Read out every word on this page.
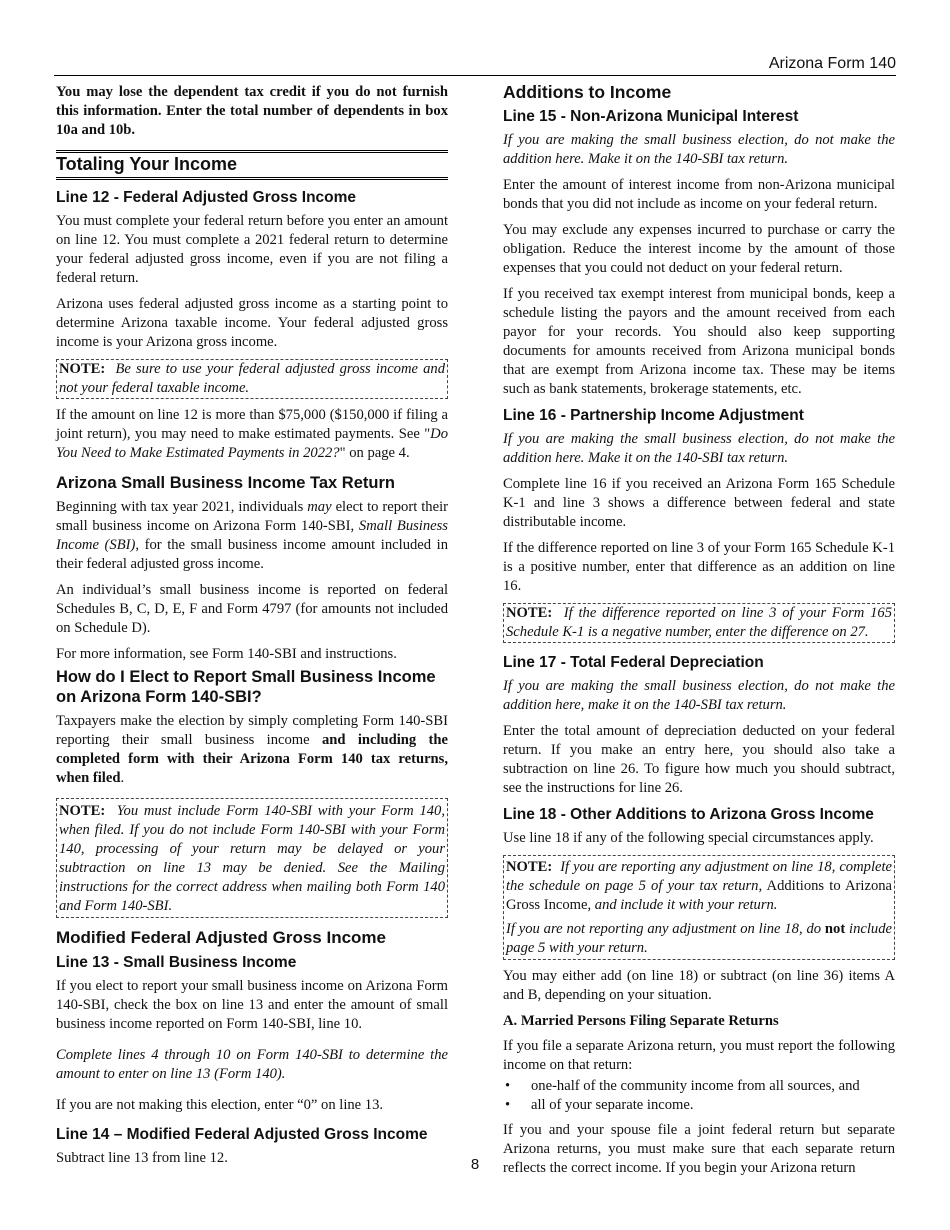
Arizona Form 140

You may lose the dependent tax credit if you do not furnish this information. Enter the total number of dependents in box 10a and 10b.

Totaling Your Income
Line 12 - Federal Adjusted Gross Income

You must complete your federal return before you enter an amount on line 12. You must complete a 2021 federal return to determine your federal adjusted gross income, even if you are not filing a federal return.

Arizona uses federal adjusted gross income as a starting point to determine Arizona taxable income. Your federal adjusted gross income is your Arizona gross income.

NOTE: Be sure to use your federal adjusted gross income and not your federal taxable income.

If the amount on line 12 is more than $75,000 ($150,000 if filing a joint return), you may need to make estimated payments. See "Do You Need to Make Estimated Payments in 2022?" on page 4.

Arizona Small Business Income Tax Return

Beginning with tax year 2021, individuals may elect to report their small business income on Arizona Form 140-SBI, Small Business Income (SBI), for the small business income amount included in their federal adjusted gross income.

An individual’s small business income is reported on federal Schedules B, C, D, E, F and Form 4797 (for amounts not included on Schedule D).

For more information, see Form 140-SBI and instructions.

How do I Elect to Report Small Business Income on Arizona Form 140-SBI?

Taxpayers make the election by simply completing Form 140-SBI reporting their small business income and including the completed form with their Arizona Form 140 tax returns, when filed.

NOTE: You must include Form 140-SBI with your Form 140, when filed. If you do not include Form 140-SBI with your Form 140, processing of your return may be delayed or your subtraction on line 13 may be denied. See the Mailing instructions for the correct address when mailing both Form 140 and Form 140-SBI.

Modified Federal Adjusted Gross Income
Line 13 - Small Business Income

If you elect to report your small business income on Arizona Form 140-SBI, check the box on line 13 and enter the amount of small business income reported on Form 140-SBI, line 10.

Complete lines 4 through 10 on Form 140-SBI to determine the amount to enter on line 13 (Form 140).

If you are not making this election, enter “0” on line 13.

Line 14 – Modified Federal Adjusted Gross Income

Subtract line 13 from line 12.

Additions to Income
Line 15 - Non-Arizona Municipal Interest

If you are making the small business election, do not make the addition here. Make it on the 140-SBI tax return.

Enter the amount of interest income from non-Arizona municipal bonds that you did not include as income on your federal return.

You may exclude any expenses incurred to purchase or carry the obligation. Reduce the interest income by the amount of those expenses that you could not deduct on your federal return.

If you received tax exempt interest from municipal bonds, keep a schedule listing the payors and the amount received from each payor for your records. You should also keep supporting documents for amounts received from Arizona municipal bonds that are exempt from Arizona income tax. These may be items such as bank statements, brokerage statements, etc.

Line 16 - Partnership Income Adjustment

If you are making the small business election, do not make the addition here. Make it on the 140-SBI tax return.

Complete line 16 if you received an Arizona Form 165 Schedule K-1 and line 3 shows a difference between federal and state distributable income.

If the difference reported on line 3 of your Form 165 Schedule K-1 is a positive number, enter that difference as an addition on line 16.

NOTE: If the difference reported on line 3 of your Form 165 Schedule K-1 is a negative number, enter the difference on 27.

Line 17 - Total Federal Depreciation

If you are making the small business election, do not make the addition here, make it on the 140-SBI tax return.

Enter the total amount of depreciation deducted on your federal return. If you make an entry here, you should also take a subtraction on line 26. To figure how much you should subtract, see the instructions for line 26.

Line 18 - Other Additions to Arizona Gross Income

Use line 18 if any of the following special circumstances apply.

NOTE: If you are reporting any adjustment on line 18, complete the schedule on page 5 of your tax return, Additions to Arizona Gross Income, and include it with your return.

If you are not reporting any adjustment on line 18, do not include page 5 with your return.

You may either add (on line 18) or subtract (on line 36) items A and B, depending on your situation.

A. Married Persons Filing Separate Returns

If you file a separate Arizona return, you must report the following income on that return:

• one-half of the community income from all sources, and
• all of your separate income.

If you and your spouse file a joint federal return but separate Arizona returns, you must make sure that each separate return reflects the correct income. If you begin your Arizona return

8
